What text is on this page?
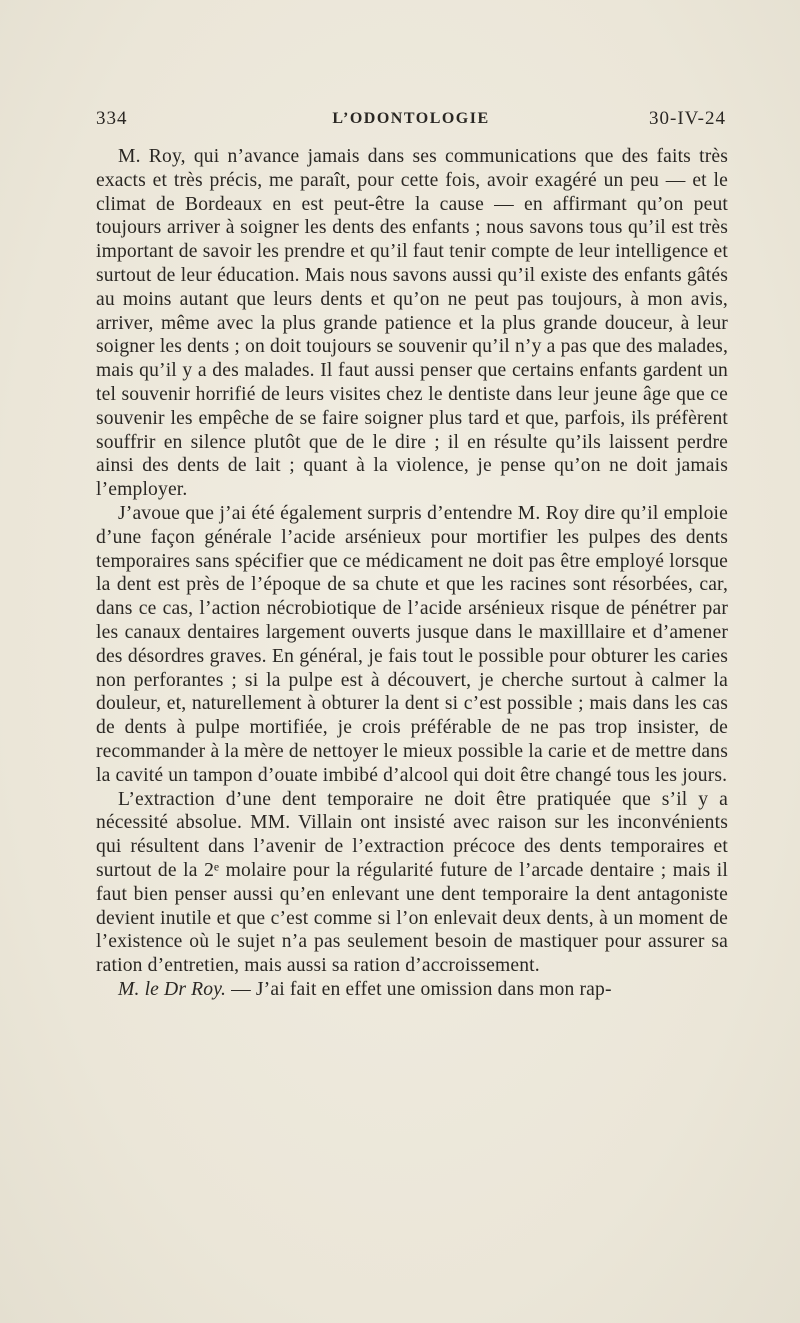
334	L’ODONTOLOGIE	30-IV-24

M. Roy, qui n’avance jamais dans ses communications que des faits très exacts et très précis, me paraît, pour cette fois, avoir exagéré un peu — et le climat de Bordeaux en est peut-être la cause — en affirmant qu’on peut toujours arriver à soigner les dents des enfants ; nous savons tous qu’il est très important de savoir les prendre et qu’il faut tenir compte de leur intelligence et surtout de leur éducation. Mais nous savons aussi qu’il existe des enfants gâtés au moins autant que leurs dents et qu’on ne peut pas toujours, à mon avis, arriver, même avec la plus grande patience et la plus grande douceur, à leur soigner les dents ; on doit toujours se souvenir qu’il n’y a pas que des malades, mais qu’il y a des malades. Il faut aussi penser que certains enfants gardent un tel souvenir horrifié de leurs visites chez le dentiste dans leur jeune âge que ce souvenir les empêche de se faire soigner plus tard et que, parfois, ils préfèrent souffrir en silence plutôt que de le dire ; il en résulte qu’ils laissent perdre ainsi des dents de lait ; quant à la violence, je pense qu’on ne doit jamais l’employer.

J’avoue que j’ai été également surpris d’entendre M. Roy dire qu’il emploie d’une façon générale l’acide arsénieux pour mortifier les pulpes des dents temporaires sans spécifier que ce médicament ne doit pas être employé lorsque la dent est près de l’époque de sa chute et que les racines sont résorbées, car, dans ce cas, l’action nécrobiotique de l’acide arsénieux risque de pénétrer par les canaux dentaires largement ouverts jusque dans le maxilllaire et d’amener des désordres graves. En général, je fais tout le possible pour obturer les caries non perforantes ; si la pulpe est à découvert, je cherche surtout à calmer la douleur, et, naturellement à obturer la dent si c’est possible ; mais dans les cas de dents à pulpe mortifiée, je crois préférable de ne pas trop insister, de recommander à la mère de nettoyer le mieux possible la carie et de mettre dans la cavité un tampon d’ouate imbibé d’alcool qui doit être changé tous les jours.

L’extraction d’une dent temporaire ne doit être pratiquée que s’il y a nécessité absolue. MM. Villain ont insisté avec raison sur les inconvénients qui résultent dans l’avenir de l’extraction précoce des dents temporaires et surtout de la 2ᵉ molaire pour la régularité future de l’arcade dentaire ; mais il faut bien penser aussi qu’en enlevant une dent temporaire la dent antagoniste devient inutile et que c’est comme si l’on enlevait deux dents, à un moment de l’existence où le sujet n’a pas seulement besoin de mastiquer pour assurer sa ration d’entretien, mais aussi sa ration d’accroissement.

M. le Dr Roy. — J’ai fait en effet une omission dans mon rap-
